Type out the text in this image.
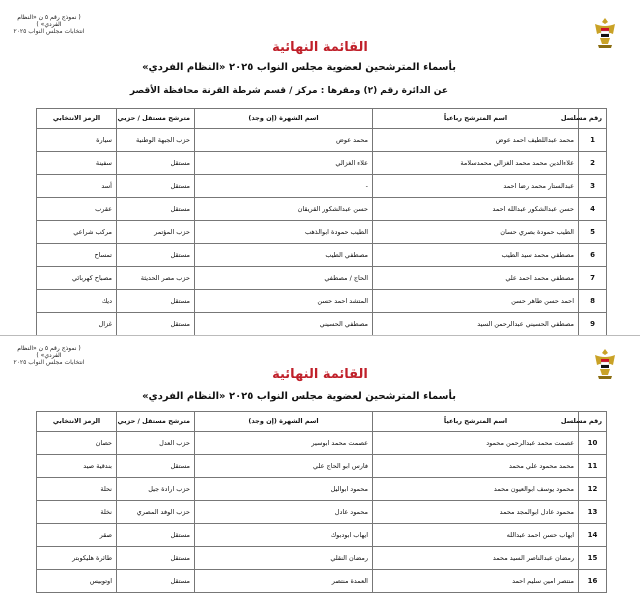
( نموذج رقم ٥ ن «النظام الفردي» )
انتخابات مجلس النواب ٢٠٢٥
القائمة النهائية
بأسماء المترشحين لعضوية مجلس النواب ٢٠٢٥ «النظام الفردي»
عن الدائرة رقم (٢) ومقرها : مركز / قسم شرطة القرنة محافظة الأقصر
رقم مسلسل	اسم المترشح رباعياً	اسم الشهرة (إن وجد)	مترشح مستقل / حزبي	الرمز الانتخابي
1	محمد عبداللطيف احمد عوض	محمد عوض	حزب الجبهة الوطنية	سيارة
2	علاءالدين محمد محمد الغزالي محمدسلامة	علاء الغزالي	مستقل	سفينة
3	عبدالستار محمد رضا احمد	-	مستقل	أسد
4	حسن عبدالشكور عبدالله احمد	حسن عبدالشكور القريقان	مستقل	عقرب
5	الطيب حمودة بصري حسان	الطيب حمودة ابوالذهب	حزب المؤتمر	مركب شراعي
6	مصطفي محمد سيد الطيب	مصطفي الطيب	مستقل	تمساح
7	مصطفي محمد احمد علي	الحاج / مصطفي	حزب مصر الحديثة	مصباح كهربائي
8	احمد حسن طاهر حسن	المتشد احمد حسن	مستقل	ديك
9	مصطفي الحسيني عبدالرحمن السيد	مصطفي الحسيني	مستقل	غزال
( نموذج رقم ٥ ن «النظام الفردي» )
انتخابات مجلس النواب ٢٠٢٥
القائمة النهائية
بأسماء المترشحين لعضوية مجلس النواب ٢٠٢٥ «النظام الفردي»
رقم مسلسل	اسم المترشح رباعياً	اسم الشهرة (إن وجد)	مترشح مستقل / حزبي	الرمز الانتخابي
10	عصمت محمد عبدالرحمن محمود	عصمت محمد ابوسير	حزب العدل	حصان
11	محمد محمود علي محمد	فارس ابو الحاج علي	مستقل	بندقية صيد
12	محمود يوسف ابوالعيون محمد	محمود ابواليل	حزب ارادة جيل	نحلة
13	محمود عادل ابوالمجد محمد	محمود عادل	حزب الوفد المصري	نخلة
14	ايهاب حسن احمد عبدالله	ايهاب ابودبوك	مستقل	صقر
15	رمضان عبدالناصر السيد محمد	رمضان النقلي	مستقل	طائرة هليكوبتر
16	منتصر امين سليم احمد	العمدة منتصر	مستقل	اوتوبيس
